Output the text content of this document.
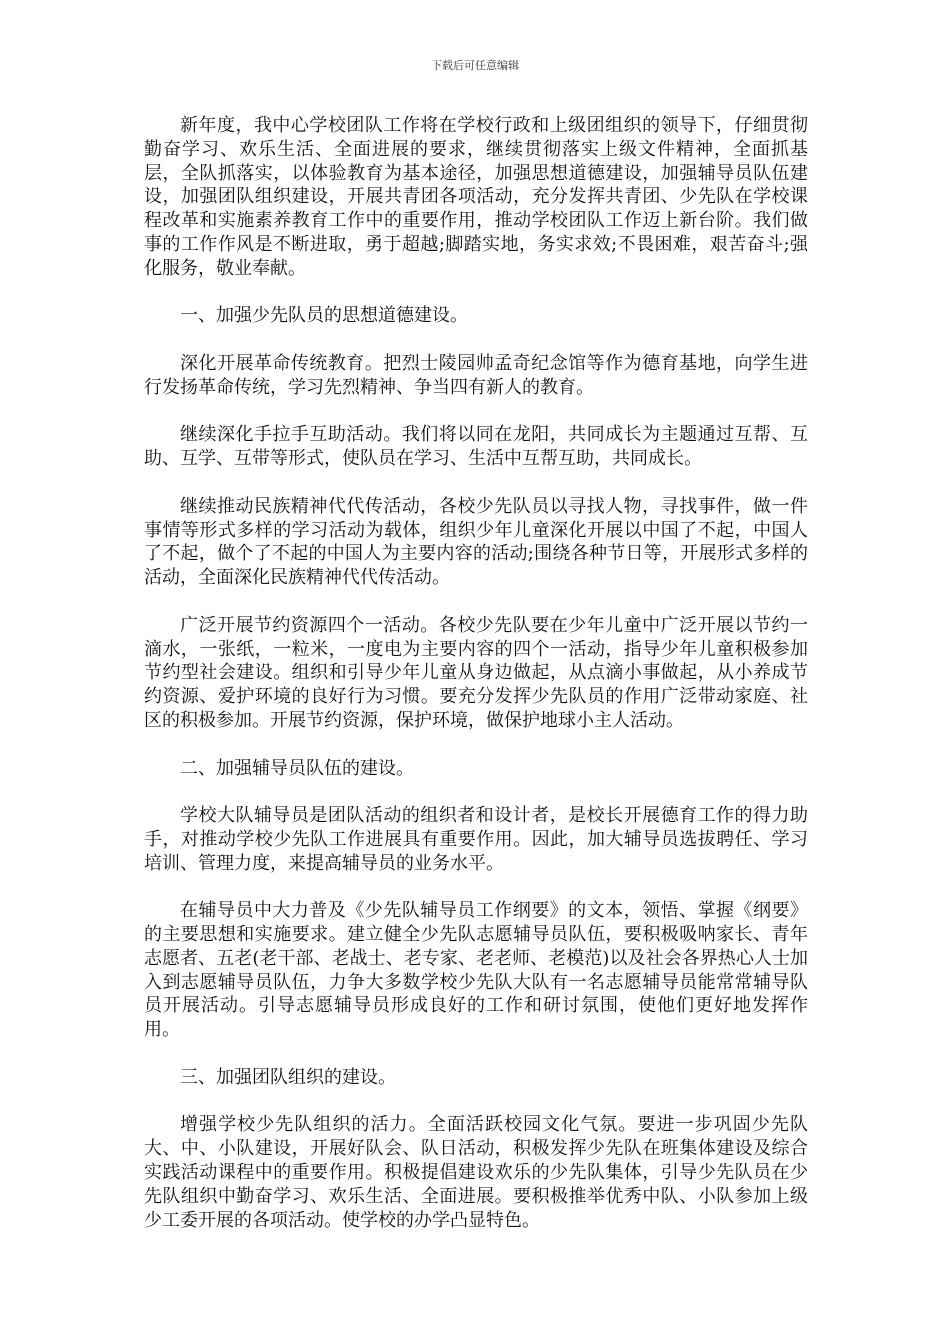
下载后可任意编辑

新年度，我中心学校团队工作将在学校行政和上级团组织的领导下，仔细贯彻勤奋学习、欢乐生活、全面进展的要求，继续贯彻落实上级文件精神，全面抓基层，全队抓落实，以体验教育为基本途径，加强思想道德建设，加强辅导员队伍建设，加强团队组织建设，开展共青团各项活动，充分发挥共青团、少先队在学校课程改革和实施素养教育工作中的重要作用，推动学校团队工作迈上新台阶。我们做事的工作作风是不断进取，勇于超越;脚踏实地，务实求效;不畏困难，艰苦奋斗;强化服务，敬业奉献。

一、加强少先队员的思想道德建设。

深化开展革命传统教育。把烈士陵园帅孟奇纪念馆等作为德育基地，向学生进行发扬革命传统，学习先烈精神、争当四有新人的教育。

继续深化手拉手互助活动。我们将以同在龙阳，共同成长为主题通过互帮、互助、互学、互带等形式，使队员在学习、生活中互帮互助，共同成长。

继续推动民族精神代代传活动，各校少先队员以寻找人物，寻找事件，做一件事情等形式多样的学习活动为载体，组织少年儿童深化开展以中国了不起，中国人了不起，做个了不起的中国人为主要内容的活动;围绕各种节日等，开展形式多样的活动，全面深化民族精神代代传活动。

广泛开展节约资源四个一活动。各校少先队要在少年儿童中广泛开展以节约一滴水，一张纸，一粒米，一度电为主要内容的四个一活动，指导少年儿童积极参加节约型社会建设。组织和引导少年儿童从身边做起，从点滴小事做起，从小养成节约资源、爱护环境的良好行为习惯。要充分发挥少先队员的作用广泛带动家庭、社区的积极参加。开展节约资源，保护环境，做保护地球小主人活动。

二、加强辅导员队伍的建设。

学校大队辅导员是团队活动的组织者和设计者，是校长开展德育工作的得力助手，对推动学校少先队工作进展具有重要作用。因此，加大辅导员选拔聘任、学习培训、管理力度，来提高辅导员的业务水平。

在辅导员中大力普及《少先队辅导员工作纲要》的文本，领悟、掌握《纲要》的主要思想和实施要求。建立健全少先队志愿辅导员队伍，要积极吸呐家长、青年志愿者、五老(老干部、老战士、老专家、老老师、老模范)以及社会各界热心人士加入到志愿辅导员队伍，力争大多数学校少先队大队有一名志愿辅导员能常常辅导队员开展活动。引导志愿辅导员形成良好的工作和研讨氛围，使他们更好地发挥作用。

三、加强团队组织的建设。

增强学校少先队组织的活力。全面活跃校园文化气氛。要进一步巩固少先队大、中、小队建设，开展好队会、队日活动，积极发挥少先队在班集体建设及综合实践活动课程中的重要作用。积极提倡建设欢乐的少先队集体，引导少先队员在少先队组织中勤奋学习、欢乐生活、全面进展。要积极推举优秀中队、小队参加上级少工委开展的各项活动。使学校的办学凸显特色。
